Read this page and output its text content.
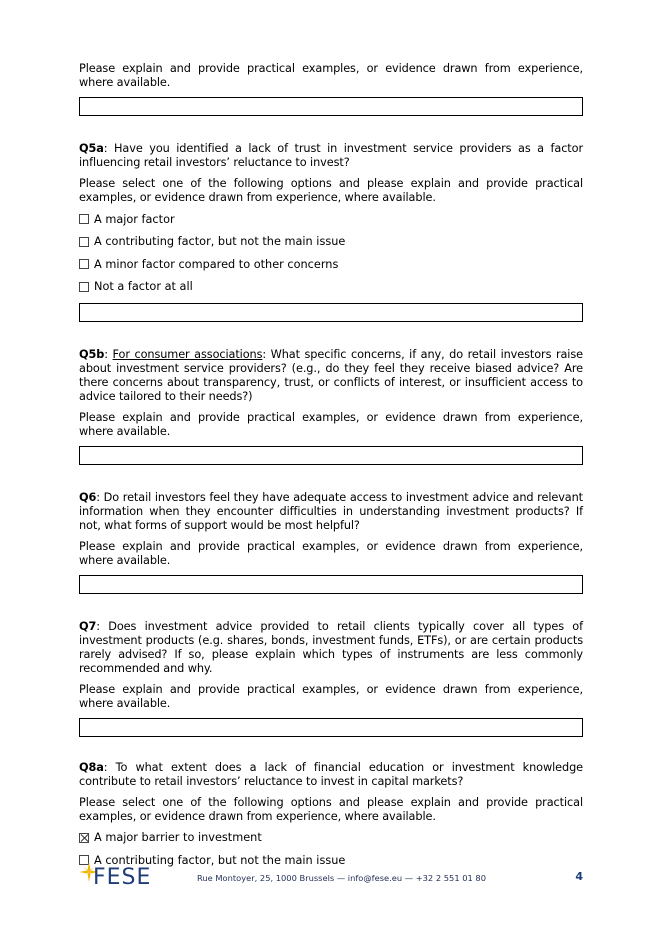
Please explain and provide practical examples, or evidence drawn from experience, where available.

Q5a: Have you identified a lack of trust in investment service providers as a factor influencing retail investors’ reluctance to invest?

Please select one of the following options and please explain and provide practical examples, or evidence drawn from experience, where available.

A major factor
A contributing factor, but not the main issue
A minor factor compared to other concerns
Not a factor at all

Q5b: For consumer associations: What specific concerns, if any, do retail investors raise about investment service providers? (e.g., do they feel they receive biased advice? Are there concerns about transparency, trust, or conflicts of interest, or insufficient access to advice tailored to their needs?)

Please explain and provide practical examples, or evidence drawn from experience, where available.

Q6: Do retail investors feel they have adequate access to investment advice and relevant information when they encounter difficulties in understanding investment products? If not, what forms of support would be most helpful?

Please explain and provide practical examples, or evidence drawn from experience, where available.

Q7: Does investment advice provided to retail clients typically cover all types of investment products (e.g. shares, bonds, investment funds, ETFs), or are certain products rarely advised? If so, please explain which types of instruments are less commonly recommended and why.

Please explain and provide practical examples, or evidence drawn from experience, where available.

Q8a: To what extent does a lack of financial education or investment knowledge contribute to retail investors’ reluctance to invest in capital markets?

Please select one of the following options and please explain and provide practical examples, or evidence drawn from experience, where available.

A major barrier to investment
A contributing factor, but not the main issue
FESE	Rue Montoyer, 25, 1000 Brussels — info@fese.eu — +32 2 551 01 80	4
